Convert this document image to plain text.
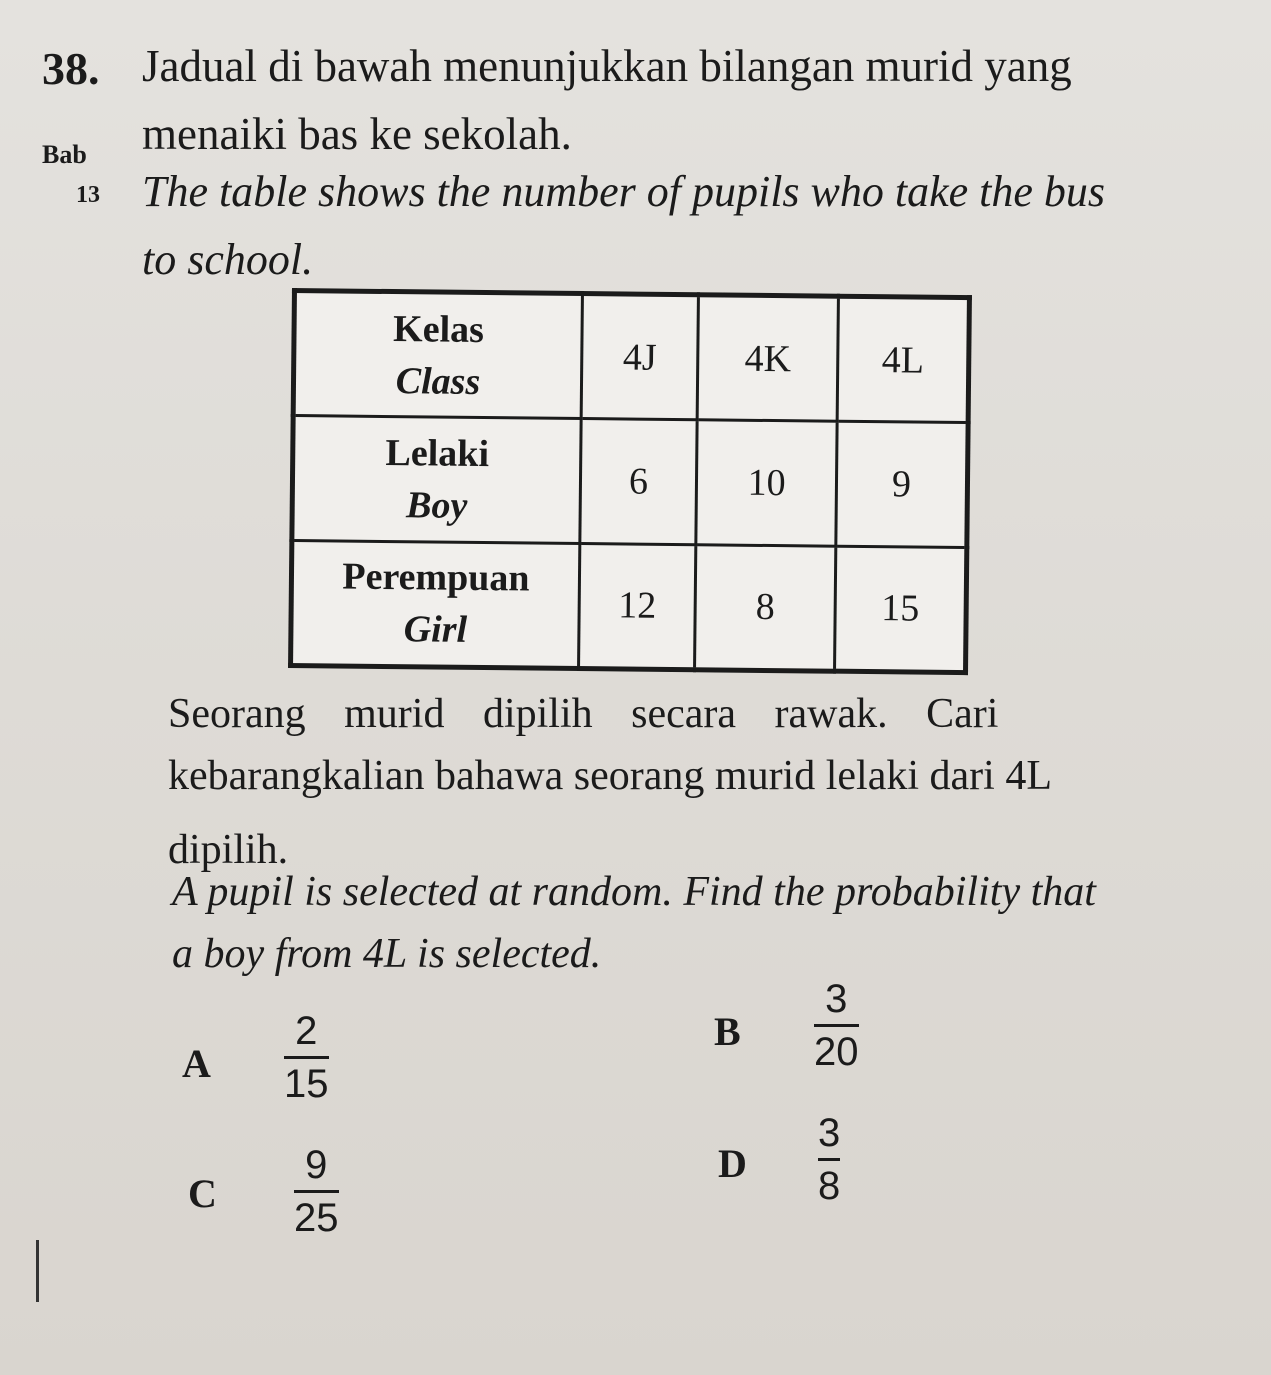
38.
Bab
13
Jadual di bawah menunjukkan bilangan murid yang
menaiki bas ke sekolah.
The table shows the number of pupils who take the bus
to school.
Kelas
Class	4J	4K	4L

Lelaki
Boy	6	10	9

Perempuan
Girl	12	8	15
Seorang murid dipilih secara rawak. Cari
kebarangkalian bahawa seorang murid lelaki dari 4L
dipilih.
A pupil is selected at random. Find the probability that
a boy from 4L is selected.
A
2
15
B
3
20
C
9
25
D
3
8
